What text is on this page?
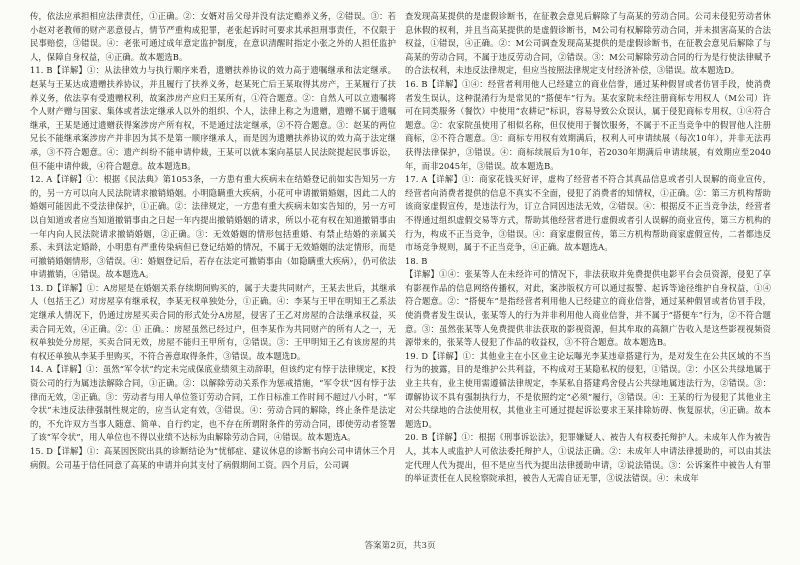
传，依法应承担相应法律责任，①正确。②：女婿对岳父母并没有法定赡养义务，②错误。③：若小赵对老教师的财产恶意侵占，情节严重构成犯罪，老张起诉时可要求其承担刑事责任，不仅限于民事赔偿，③错误。④：老张可通过成年意定监护制度，在意识清醒时指定小张之外的人担任监护人，保障自身权益，④正确。故本题选B。

11. B【详解】①：从法律效力与执行顺序来看，遗赠扶养协议的效力高于遗嘱继承和法定继承。赵某与王某达成遗赠扶养协议，并且履行了扶养义务，赵某死亡后王某取得其房产，王某履行了扶养义务，依法享有受遗赠权利，故案涉房产应归王某所有，①符合题意。②：自然人可以立遗嘱将个人财产赠与国家、集体或者法定继承人以外的组织、个人，法律上称之为遗赠，遗赠不属于遗嘱继承，王某是通过遗赠获得案涉房产所有权，不是通过法定继承，②不符合题意。③：赵某的两位兄长不能继承案涉房产并非因为其不是第一顺序继承人，而是因为遗赠扶养协议的效力高于法定继承，③不符合题意。④：遗产纠纷不能申请仲裁，王某可以就本案向基层人民法院提起民事诉讼，但不能申请仲裁，④符合题意。故本题选B。

12. A【详解】①：根据《民法典》第1053条，一方患有重大疾病未在结婚登记前如实告知另一方的，另一方可以向人民法院请求撤销婚姻。小明隐瞒重大疾病，小花可申请撤销婚姻，因此二人的婚姻可能因此不受法律保护，①正确。②：法律规定，一方患有重大疾病未如实告知的，另一方可以自知道或者应当知道撤销事由之日起一年内提出撤销婚姻的请求，所以小花有权在知道撤销事由一年内向人民法院请求撤销婚姻，②正确。③：无效婚姻的情形包括重婚、有禁止结婚的亲属关系、未到法定婚龄，小明患有严重传染病但已登记结婚的情况，不属于无效婚姻的法定情形，而是可撤销婚姻情形，③错误。④：婚姻登记后，若存在法定可撤销事由（如隐瞒重大疾病），仍可依法申请撤销，④错误。故本题选A。

13. D【详解】①：A房屋是在婚姻关系存续期间购买的，属于夫妻共同财产，王某去世后，其继承人（包括王乙）对房屋享有继承权，李某无权单独处分，①正确。④：李某与王甲在明知王乙系法定继承人情况下，仍通过房屋买卖合同的形式处分A房屋，侵害了王乙对房屋的合法继承权益，买卖合同无效，④正确。②：① 正确。：房屋虽然已经过户，但李某作为共同财产的所有人之一，无权单独处分房屋，买卖合同无效，房屋不能归王甲所有，②错误。③：王甲明知王乙有该房屋的共有权还单独从李某手里购买，不符合善意取得条件，③错误。故本题选D。

14. A【详解】①：虽然“军令状”约定未完成保底业绩须主动辞职，但该约定有悖于法律规定，K投资公司的行为属违法解除合同，①正确。②：以解除劳动关系作为惩戒措施，“军令状”因有悖于法律而无效，②正确。③：劳动者与用人单位签订劳动合同，工作日标准工作时间不超过八小时，“军令状”未违反法律强制性规定的，应当认定有效，③错误。④：劳动合同的解除，终止条件是法定的，不允许双方当事人随意、简单、自行约定，也不存在所谓附条件的劳动合同，即使劳动者签署了该“军令状”，用人单位也不得以业绩不达标为由解除劳动合同，④错误。故本题选A。

15. D【详解】①：高某因医院出具的诊断结论为“忧郁症、建议休息的诊断书向公司申请休三个月病假。公司基于信任同意了高某的申请并向其支付了病假期间工资。四个月后，公司调

查发现高某提供的是虚假诊断书，在征教会意见后解除了与高某的劳动合同。公司未侵犯劳动者休息休假的权利，并且当高某提供的是虚假诊断书，M公司有权解除劳动合同，并未损害高某的合法权益，①错误，④正确。②：M公司调查发现高某提供的是虚假诊断书，在征教会意见后解除了与高某的劳动合同，不属于违反劳动合同，②错误。③：M公司解除劳动合同的行为是行使法律赋予的合法权利，未违反法律规定，但应当按照法律规定支付经济补偿，③错误。故本题选D。

16. B【详解】①④：经营者利用他人已经建立的商业信誉，通过某种假冒或者仿冒手段，使消费者发生误认，这种混淆行为是常见的“搭便车”行为。某农家院未经注册商标专用权人（M公司）许可在同类服务（餐饮）中使用“农耕记”标识，容易导致公众误认，属于侵犯商标专用权，①④符合题意。②：农家院虽使用了相似名称，但仅使用于餐饮服务，不属于不正当竞争中的假冒他人注册商标，②不符合题意。③：商标专用权有效期满后，权利人可申请续展（每次10年），并非无法再获得法律保护，③错误。④：商标续展后为10年，若2030年期满后申请续展，有效期应至2040年，而非2045年，③错误。故本题选B。

17. A【详解】①：商家花钱买好评，虚构了经营者不符合其真品信息或者引人误解的商业宣传，经营者向消费者提供的信息不真实不全面，侵犯了消费者的知情权，①正确。②：第三方机构帮助该商家虚假宣传，是违法行为，订立合同因违法无效，②错误。④：根据反不正当竞争法，经营者不得通过组织虚假交易等方式，帮助其他经营者进行虚假或者引人误解的商业宣传，第三方机构的行为，构成不正当竞争，③错误。④：商家虚假宣传，第三方机构帮助商家虚假宣传，二者都违反市场竞争规则，属于不正当竞争，④正确。故本题选A。

18. B

【详解】①④：张某等人在未经许可的情况下，非法获取并免费提供电影平台会员资源，侵犯了享有影视作品的信息网络传播权，对此，案涉版权方可以通过报警、起诉等途径维护自身权益，①④符合题意。②：“搭便车”是指经营者利用他人已经建立的商业信誉，通过某种假冒或者仿冒手段，使消费者发生误认，张某等人的行为并非利用他人商业信誉，并不属于“搭便车”行为，②不符合题意。③：虽然张某等人免费提供非法获取的影视资源，但其牟取的高额广告收入是这些影视视频资源带来的，张某等人侵犯了作品的收益权，③不符合题意。故本题选B。

19. D【详解】①：其他业主在小区业主论坛曝光李某违章搭建行为，是对发生在公共区域的不当行为的披露，目的是维护公共利益，不构成对王某隐私权的侵犯，①错误。②：小区公共绿地属于业主共有，业主使用需遵循法律规定，李某私自搭建鸡舍侵占公共绿地属违法行为，②错误。③：谭解协议不具有强制执行力，不是依照约定“必须”履行，③错误。④：王某的行为侵犯了其他业主对公共绿地的合法使用权，其他业主可通过提起诉讼要求王某排除妨碍、恢复原状，④正确。故本题选D。

20. B【详解】①：根据《刑事诉讼法》，犯罪嫌疑人、被告人有权委托辩护人。未成年人作为被告人，其本人或监护人可依法委托辩护人，①说法正确。②：未成年人申请法律援助的，可以由其法定代理人代为提出，但不是应当代为提出法律援助申请，②说法错误。③：公诉案件中被告人有罪的举证责任在人民检察院承担，被告人无需自证无罪，③说法错误。④：未成年

答案第2页，共3页
